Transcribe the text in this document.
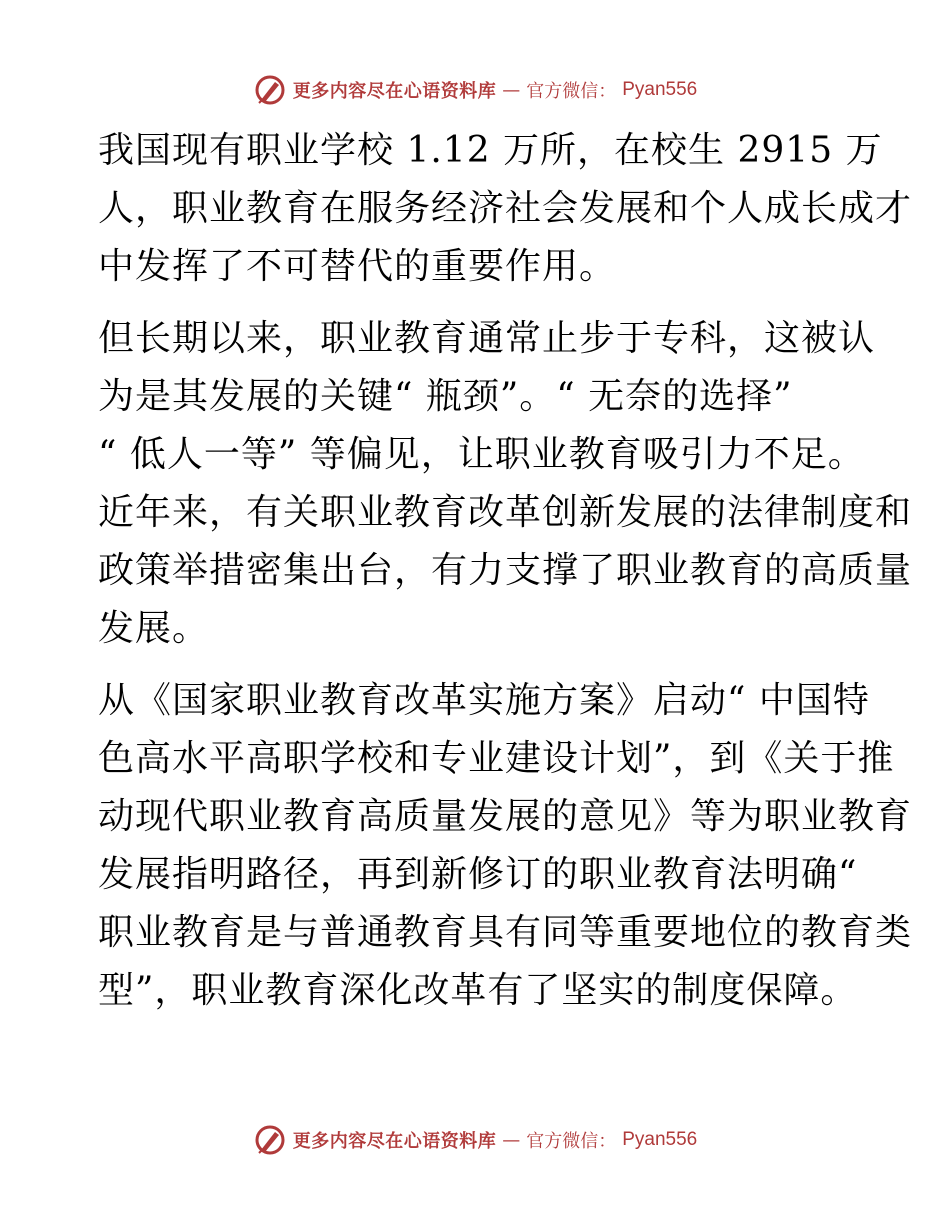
更多内容尽在心语资料库 — 官方微信： Pyan556

我国现有职业学校 1.12 万所，在校生 2915 万
人，职业教育在服务经济社会发展和个人成长成才
中发挥了不可替代的重要作用。

但长期以来，职业教育通常止步于专科，这被认
为是其发展的关键“ 瓶颈”。“ 无奈的选择”
“ 低人一等” 等偏见，让职业教育吸引力不足。
近年来，有关职业教育改革创新发展的法律制度和
政策举措密集出台，有力支撑了职业教育的高质量
发展。

从《国家职业教育改革实施方案》启动“ 中国特
色高水平高职学校和专业建设计划”，到《关于推
动现代职业教育高质量发展的意见》等为职业教育
发展指明路径，再到新修订的职业教育法明确“
职业教育是与普通教育具有同等重要地位的教育类
型”，职业教育深化改革有了坚实的制度保障。

更多内容尽在心语资料库 — 官方微信： Pyan556
